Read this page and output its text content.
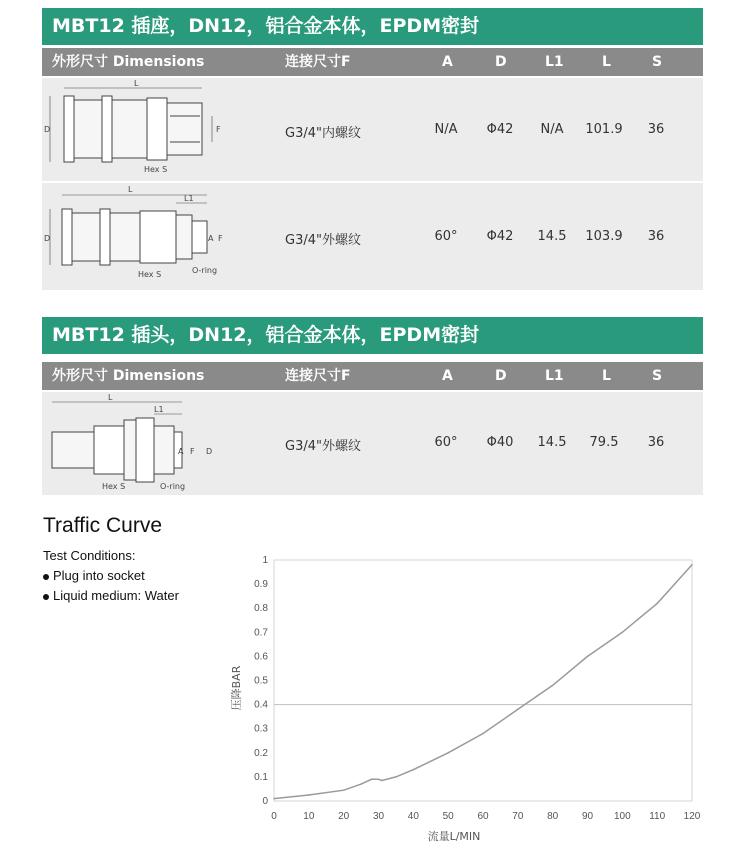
MBT12 插座，DN12，铝合金本体，EPDM密封
外形尺寸 Dimensions	连接尺寸F	A	D	L1	L	S
L
D	F
Hex S
G3/4"内螺纹	N/A Φ42 N/A 101.9 36
L
L1
D	A F
Hex S	O-ring
G3/4"外螺纹	60° Φ42 14.5 103.9 36
MBT12 插头，DN12，铝合金本体，EPDM密封
外形尺寸 Dimensions	连接尺寸F	A	D	L1	L	S
L
L1
A F D
Hex S	O-ring
G3/4"外螺纹	60° Φ40 14.5 79.5 36
Traffic Curve
Test Conditions:
Plug into socket
Liquid medium: Water
0
0.1
0.2
0.3
0.4
0.5
0.6
0.7
0.8
0.9
1
0	10 20 30 40 50 60 70 80 90 100 110 120
流量L/MIN
压降BAR
